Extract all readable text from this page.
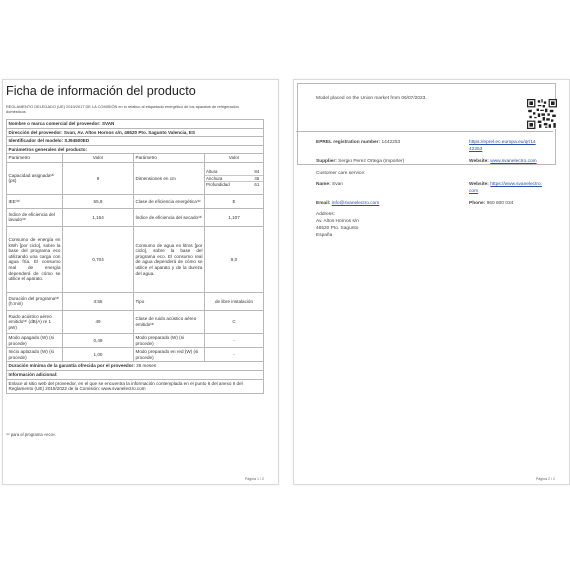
Ficha de información del producto
REGLAMENTO DELEGADO (UE) 2019/2017 DE LA COMISIÓN en lo relativo al etiquetado energético de los aparatos de refrigeración domésticos
Nombre o marca comercial del proveedor: SVAN
Dirección del proveedor: Svan, Av. Altos Hornos s/n, 46520 Pto. Sagunto Valencia, ES
Identificador del modelo: SJ94500ED
Parámetros generales del producto:
Parámetro	Valor	Parámetro	Valor
Capacidad asignada⁽ᵃ⁾ (ps)	9	Dimensiones en cm	
Altura	84
Anchura	45
Profundidad	61

IEE⁽ᵃ⁾	55,9	Clase de eficiencia energética⁽ᵃ⁾	E
Índice de eficiencia del lavado⁽ᵃ⁾	1,164	Índice de eficiencia del secado⁽ᵃ⁾	1,107
Consumo de energía en kWh [por ciclo], sobre la base del programa eco utilizando una carga con agua fría. El consumo real de energía dependerá de cómo se utilice el aparato.	0,704	Consumo de agua en litros [por ciclo], sobre la base del programa eco. El consumo real de agua dependerá de cómo se utilice el aparato y de la dureza del agua.	9,0
Duración del programa⁽ᵃ⁾ (h:min)	3:55	Tipo	de libre instalación
Ruido acústico aéreo emitido⁽ᵃ⁾ (dB(A) re 1 pW)	49	Clase de ruido acústico aéreo emitido⁽ᵃ⁾	C
Modo apagado (W) (si procede)	0,49	Modo preparado (W) (si procede)	-
Inicio aplazado (W) (si procede)	1,00	Modo preparado en red (W) (si procede)	-
Duración mínima de la garantía ofrecida por el proveedor: 36 meses
Información adicional:
Enlace al sitio web del proveedor, en el que se encuentra la información contemplada en el punto 6 del anexo II del Reglamento (UE) 2019/2022 de la Comisión: www.svanelectro.com
⁽ᵃ⁾ para el programa «eco».
Página 1 / 2	Página 2 / 2
Model placed on the Union market from 06/07/2023.
EPREL registration number: 1442253	https://eprel.ec.europa.eu/qr/14
42253
Supplier: Sergio Perez Ortega (Importer)	Website: www.svanelectro.com
Customer care service:
Name: Svan	Website: https://www.svanelectro.
com
Email: info@svanelectro.com	Phone: 960 600 034
Address:
Av. Altos Hornos s/n
46520 Pto. Sagunto
España
